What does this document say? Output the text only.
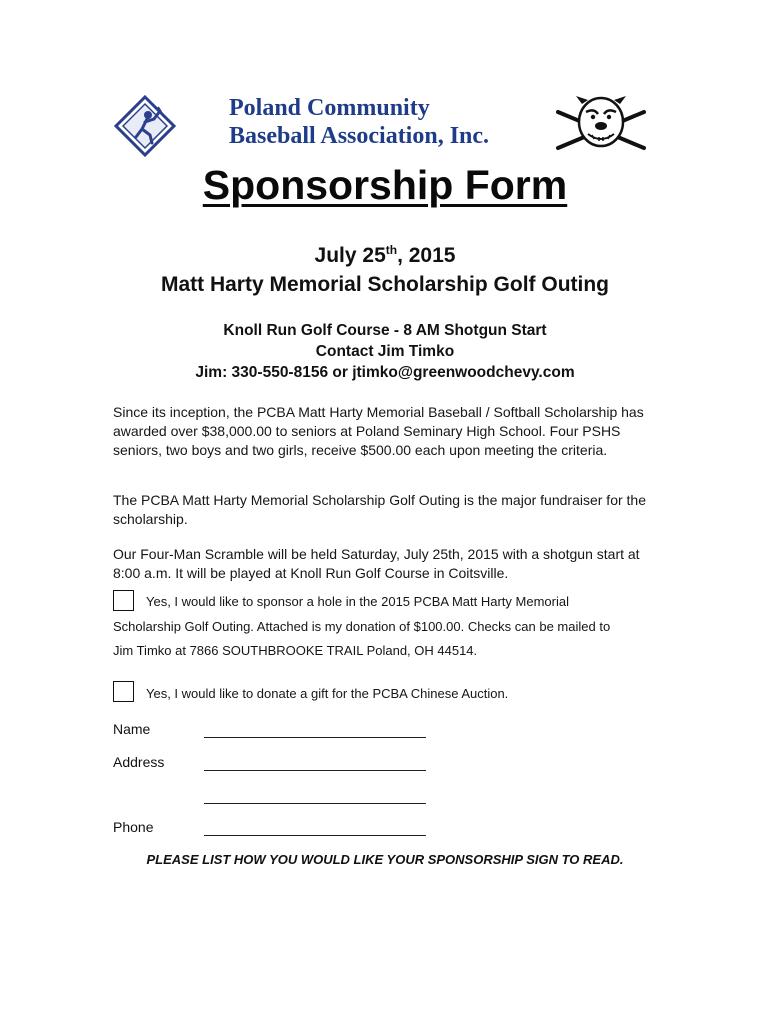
Poland Community
Baseball Association, Inc.
Sponsorship Form
July 25th, 2015
Matt Harty Memorial Scholarship Golf Outing
Knoll Run Golf Course - 8 AM Shotgun Start
Contact Jim Timko
Jim: 330-550-8156 or jtimko@greenwoodchevy.com
Since its inception, the PCBA Matt Harty Memorial Baseball / Softball Scholarship has awarded over $38,000.00 to seniors at Poland Seminary High School. Four PSHS seniors, two boys and two girls, receive $500.00 each upon meeting the criteria.
The PCBA Matt Harty Memorial Scholarship Golf Outing is the major fundraiser for the scholarship.
Our Four-Man Scramble will be held Saturday, July 25th, 2015 with a shotgun start at 8:00 a.m. It will be played at Knoll Run Golf Course in Coitsville.
Yes, I would like to sponsor a hole in the 2015 PCBA Matt Harty Memorial
Scholarship Golf Outing. Attached is my donation of $100.00. Checks can be mailed to
Jim Timko at 7866 SOUTHBROOKE TRAIL Poland, OH 44514.
Yes, I would like to donate a gift for the PCBA Chinese Auction.
Name
Address
Phone
PLEASE LIST HOW YOU WOULD LIKE YOUR SPONSORSHIP SIGN TO READ.
